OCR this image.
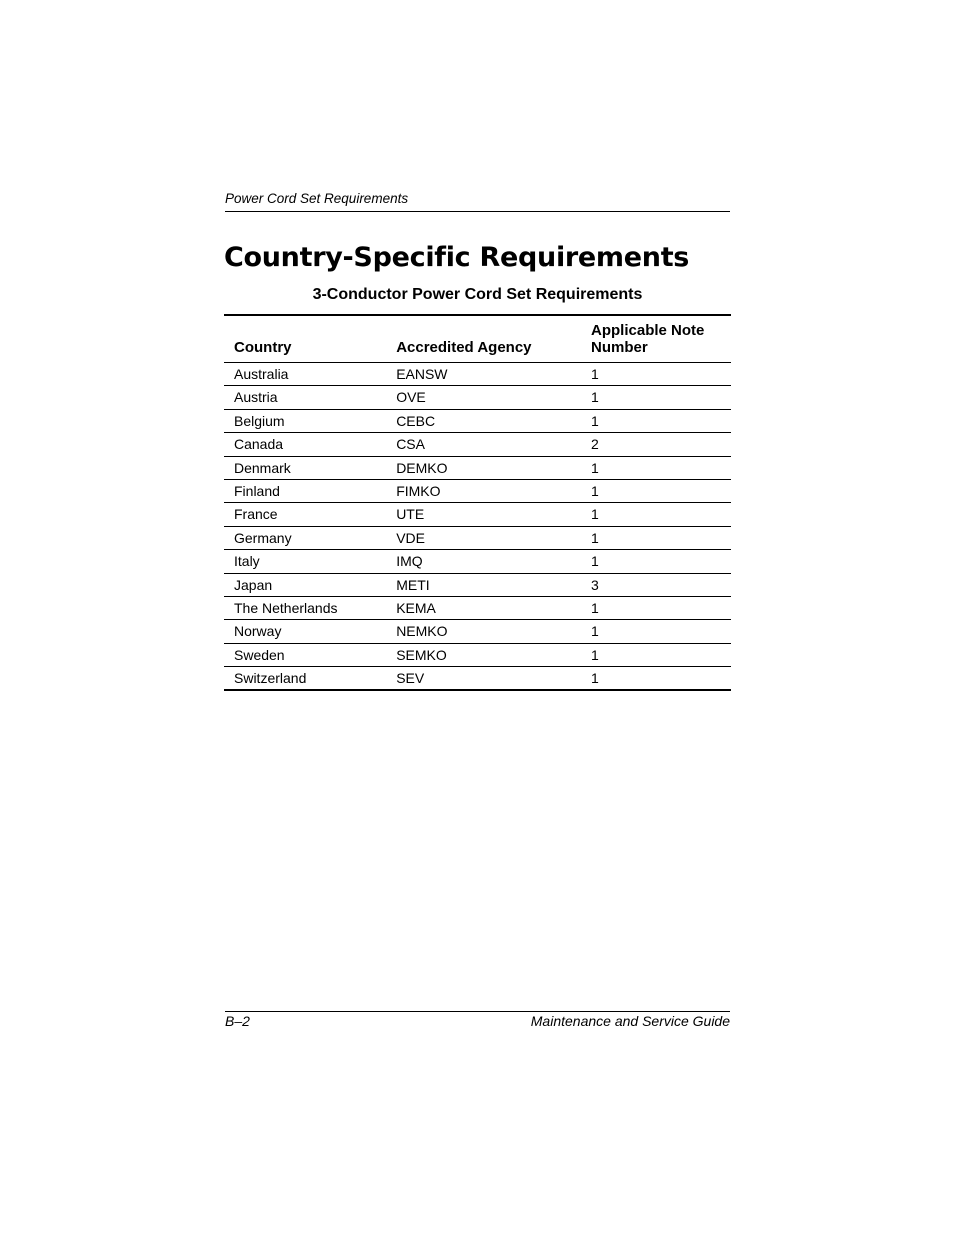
Power Cord Set Requirements
Country-Specific Requirements
3-Conductor Power Cord Set Requirements
Country	Accredited Agency	Applicable Note
Number
Australia	EANSW	1
Austria	OVE	1
Belgium	CEBC	1
Canada	CSA	2
Denmark	DEMKO	1
Finland	FIMKO	1
France	UTE	1
Germany	VDE	1
Italy	IMQ	1
Japan	METI	3
The Netherlands	KEMA	1
Norway	NEMKO	1
Sweden	SEMKO	1
Switzerland	SEV	1
B–2	Maintenance and Service Guide
